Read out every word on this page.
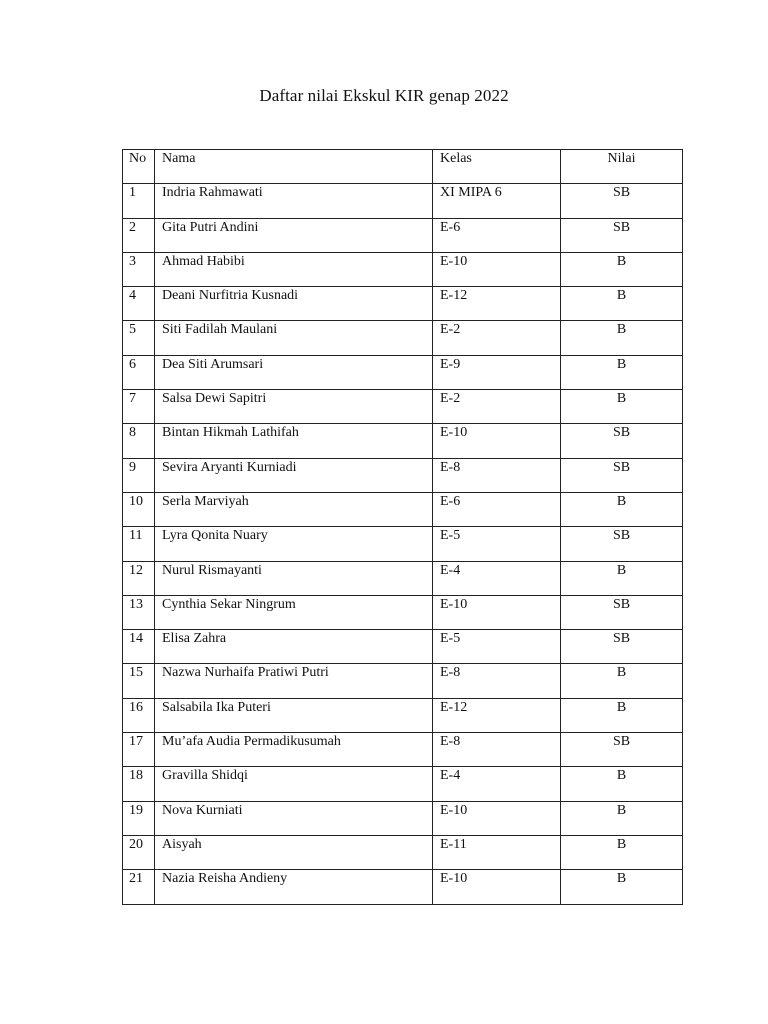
Daftar nilai Ekskul KIR genap 2022
No	Nama	Kelas	Nilai

1	Indria Rahmawati	XI MIPA 6	SB

2	Gita Putri Andini	E-6	SB

3	Ahmad Habibi	E-10	B

4	Deani Nurfitria Kusnadi	E-12	B

5	Siti Fadilah Maulani	E-2	B

6	Dea Siti Arumsari	E-9	B

7	Salsa Dewi Sapitri	E-2	B

8	Bintan Hikmah Lathifah	E-10	SB

9	Sevira Aryanti Kurniadi	E-8	SB

10	Serla Marviyah	E-6	B

11	Lyra Qonita Nuary	E-5	SB

12	Nurul Rismayanti	E-4	B

13	Cynthia Sekar Ningrum	E-10	SB

14	Elisa Zahra	E-5	SB

15	Nazwa Nurhaifa Pratiwi Putri	E-8	B

16	Salsabila Ika Puteri	E-12	B

17	Mu’afa Audia Permadikusumah	E-8	SB

18	Gravilla Shidqi	E-4	B

19	Nova Kurniati	E-10	B

20	Aisyah	E-11	B

21	Nazia Reisha Andieny	E-10	B
